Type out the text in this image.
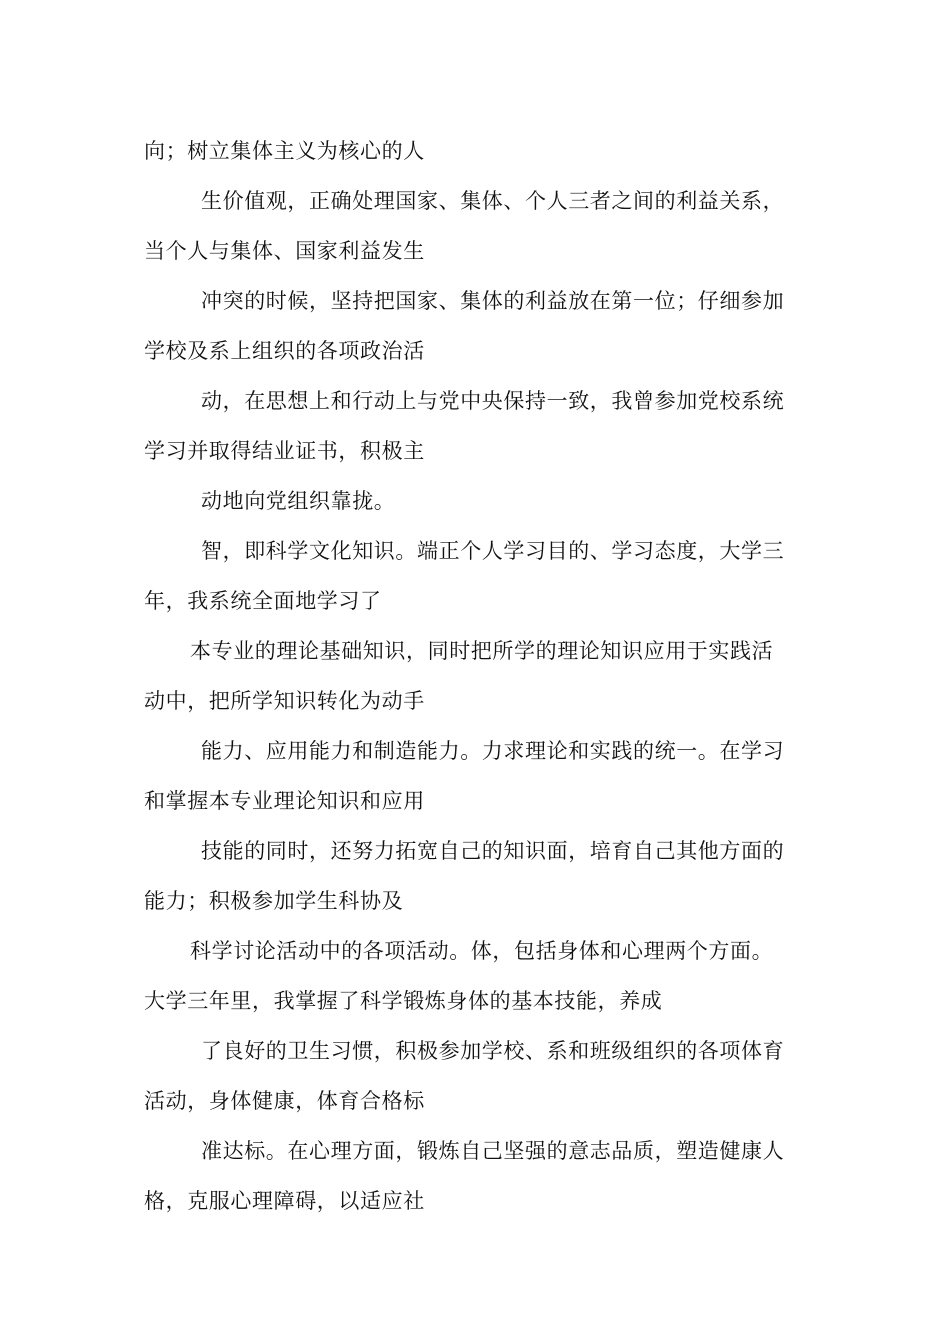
向；树立集体主义为核心的人
生价值观，正确处理国家、集体、个人三者之间的利益关系，
当个人与集体、国家利益发生
冲突的时候，坚持把国家、集体的利益放在第一位；仔细参加
学校及系上组织的各项政治活
动，在思想上和行动上与党中央保持一致，我曾参加党校系统
学习并取得结业证书，积极主
动地向党组织靠拢。
智，即科学文化知识。端正个人学习目的、学习态度，大学三
年，我系统全面地学习了
本专业的理论基础知识，同时把所学的理论知识应用于实践活
动中，把所学知识转化为动手
能力、应用能力和制造能力。力求理论和实践的统一。在学习
和掌握本专业理论知识和应用
技能的同时，还努力拓宽自己的知识面，培育自己其他方面的
能力；积极参加学生科协及
科学讨论活动中的各项活动。体，包括身体和心理两个方面。
大学三年里，我掌握了科学锻炼身体的基本技能，养成
了良好的卫生习惯，积极参加学校、系和班级组织的各项体育
活动，身体健康，体育合格标
准达标。在心理方面，锻炼自己坚强的意志品质，塑造健康人
格，克服心理障碍，以适应社
